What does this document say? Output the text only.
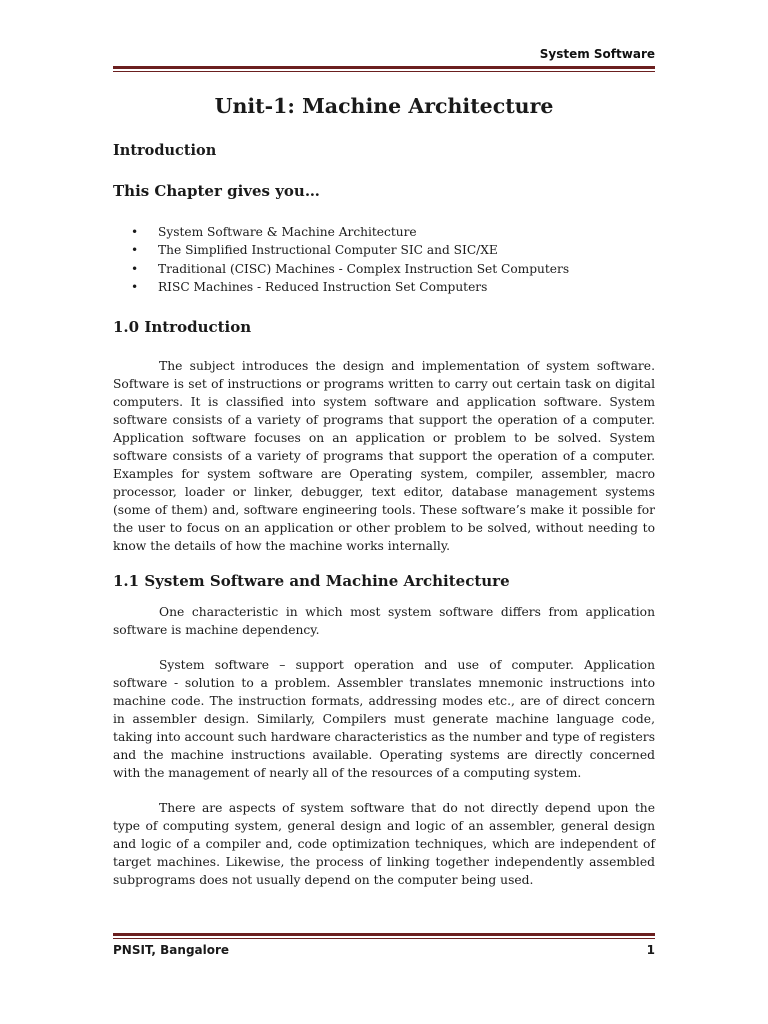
System Software
Unit-1: Machine Architecture
Introduction
This Chapter gives you…
• System Software & Machine Architecture
• The Simplified Instructional Computer SIC and SIC/XE
• Traditional (CISC) Machines - Complex Instruction Set Computers
• RISC Machines - Reduced Instruction Set Computers
1.0 Introduction

The subject introduces the design and implementation of system software. Software is set of instructions or programs written to carry out certain task on digital computers. It is classified into system software and application software. System software consists of a variety of programs that support the operation of a computer. Application software focuses on an application or problem to be solved. System software consists of a variety of programs that support the operation of a computer. Examples for system software are Operating system, compiler, assembler, macro processor, loader or linker, debugger, text editor, database management systems (some of them) and, software engineering tools. These software’s make it possible for the user to focus on an application or other problem to be solved, without needing to know the details of how the machine works internally.

1.1 System Software and Machine Architecture

One characteristic in which most system software differs from application software is machine dependency.

System software – support operation and use of computer. Application software - solution to a problem. Assembler translates mnemonic instructions into machine code. The instruction formats, addressing modes etc., are of direct concern in assembler design. Similarly, Compilers must generate machine language code, taking into account such hardware characteristics as the number and type of registers and the machine instructions available. Operating systems are directly concerned with the management of nearly all of the resources of a computing system.

There are aspects of system software that do not directly depend upon the type of computing system, general design and logic of an assembler, general design and logic of a compiler and, code optimization techniques, which are independent of target machines. Likewise, the process of linking together independently assembled subprograms does not usually depend on the computer being used.

PNSIT, Bangalore	1
